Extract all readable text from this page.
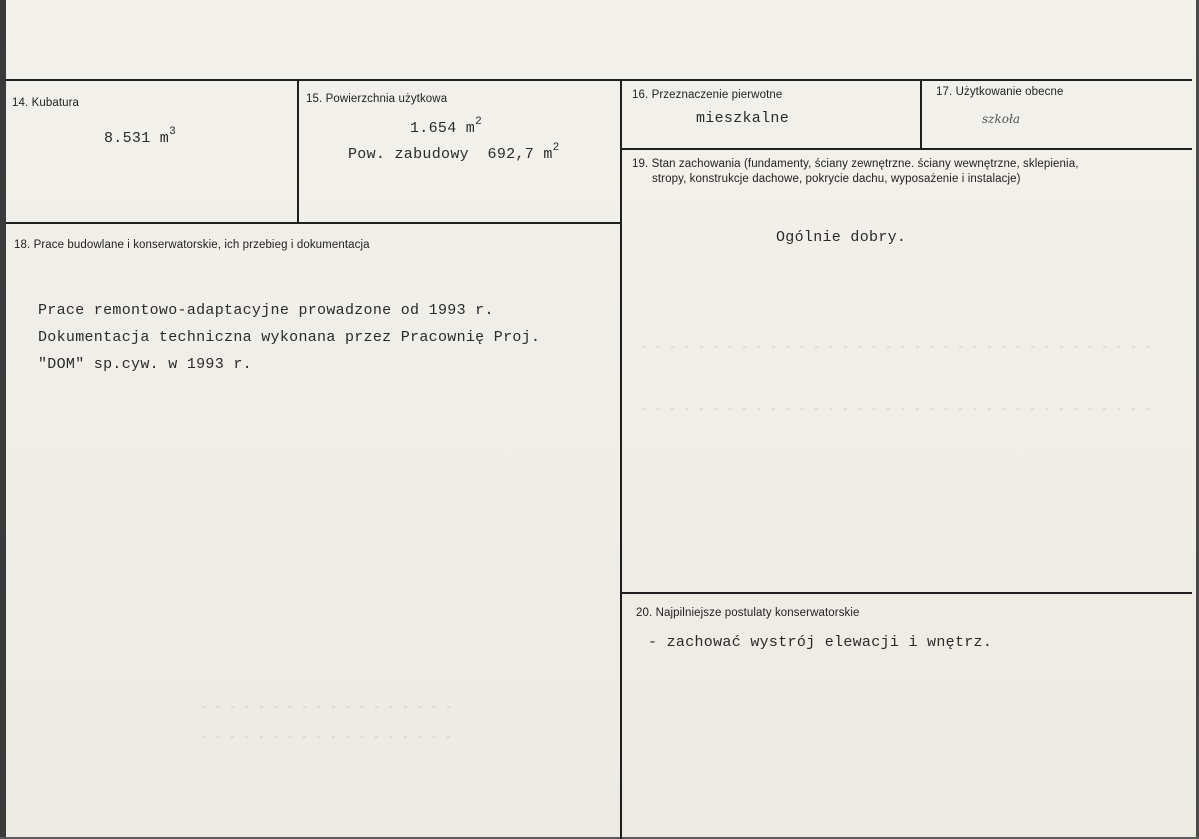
- - - - - - - - - - - - - - - - - - - - - - - - - - - - - - - - - - - -
- - - - - - - - - - - - - - - - - - - - - - - - - - - - - - - - - - - -
- - - - - - - - - - - - - - - - - -
- - - - - - - - - - - - - - - - - -
14. Kubatura
8.531 $m^3$
15. Powierzchnia użytkowa
1.654 $m^2$
Pow. zabudowy  692,7 $m^2$
16. Przeznaczenie pierwotne
mieszkalne
17. Użytkowanie obecne
szkoła
18. Prace budowlane i konserwatorskie, ich przebieg i dokumentacja
Prace remontowo-adaptacyjne prowadzone od 1993 r.
Dokumentacja techniczna wykonana przez Pracownię Proj.
"DOM" sp.cyw. w 1993 r.
19. Stan zachowania (fundamenty, ściany zewnętrzne. ściany wewnętrzne, sklepienia,
stropy, konstrukcje dachowe, pokrycie dachu, wyposażenie i instalacje)
Ogólnie dobry.
20. Najpilniejsze postulaty konserwatorskie
- zachować wystrój elewacji i wnętrz.
